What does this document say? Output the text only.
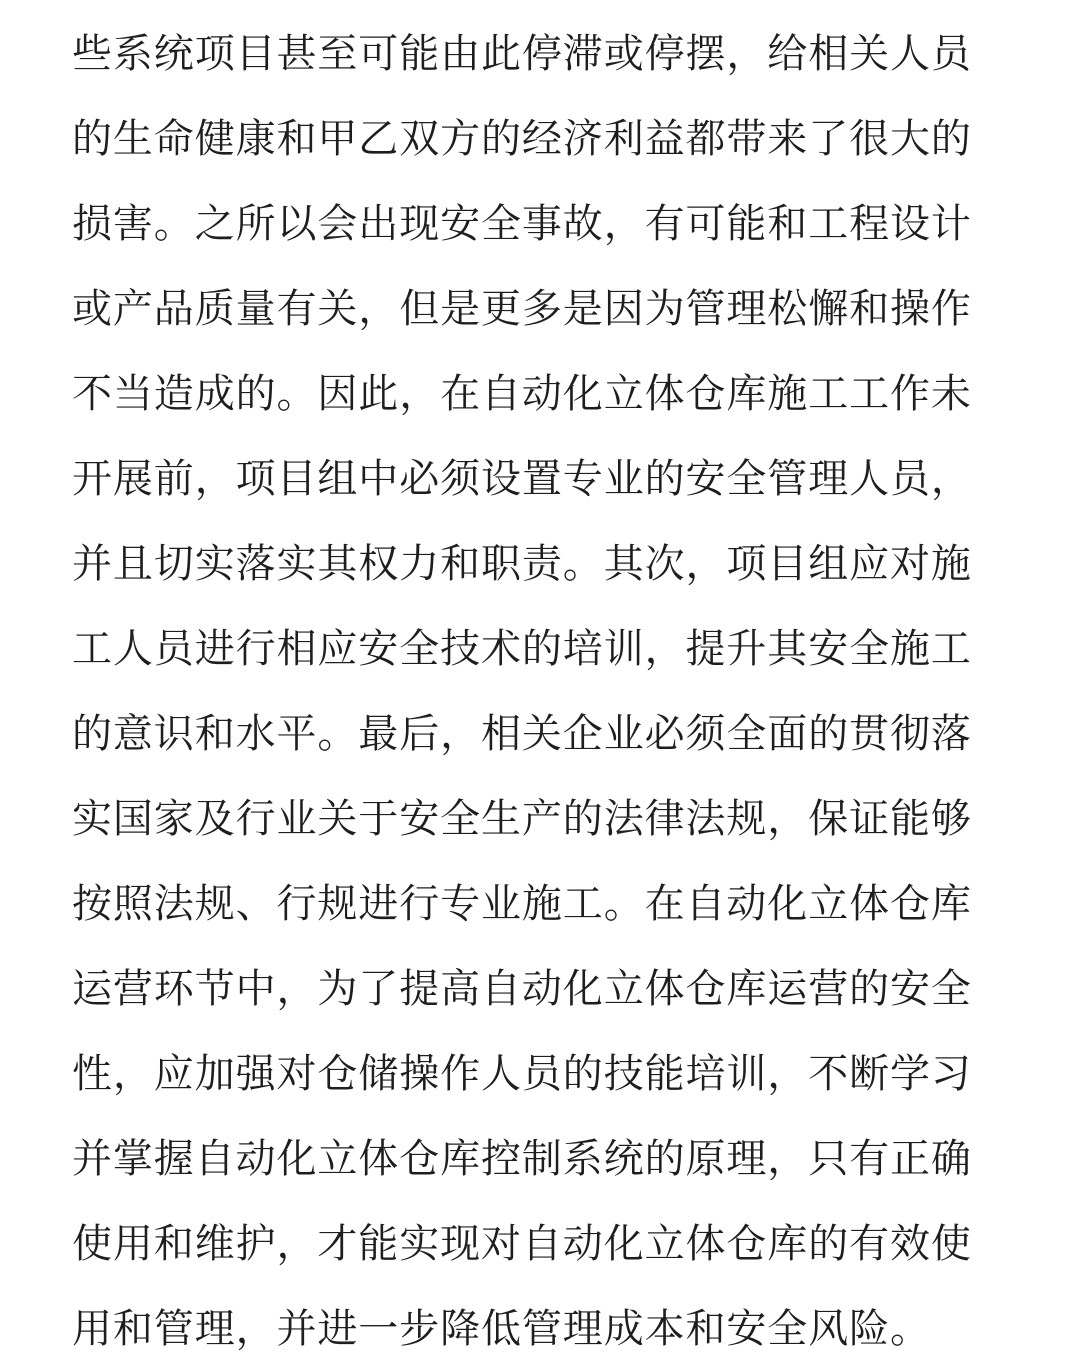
些系统项目甚至可能由此停滞或停摆，给相关人员
的生命健康和甲乙双方的经济利益都带来了很大的
损害。之所以会出现安全事故，有可能和工程设计
或产品质量有关，但是更多是因为管理松懈和操作
不当造成的。因此，在自动化立体仓库施工工作未
开展前，项目组中必须设置专业的安全管理人员，
并且切实落实其权力和职责。其次，项目组应对施
工人员进行相应安全技术的培训，提升其安全施工
的意识和水平。最后，相关企业必须全面的贯彻落
实国家及行业关于安全生产的法律法规，保证能够
按照法规、行规进行专业施工。在自动化立体仓库
运营环节中，为了提高自动化立体仓库运营的安全
性，应加强对仓储操作人员的技能培训，不断学习
并掌握自动化立体仓库控制系统的原理，只有正确
使用和维护，才能实现对自动化立体仓库的有效使
用和管理，并进一步降低管理成本和安全风险。
